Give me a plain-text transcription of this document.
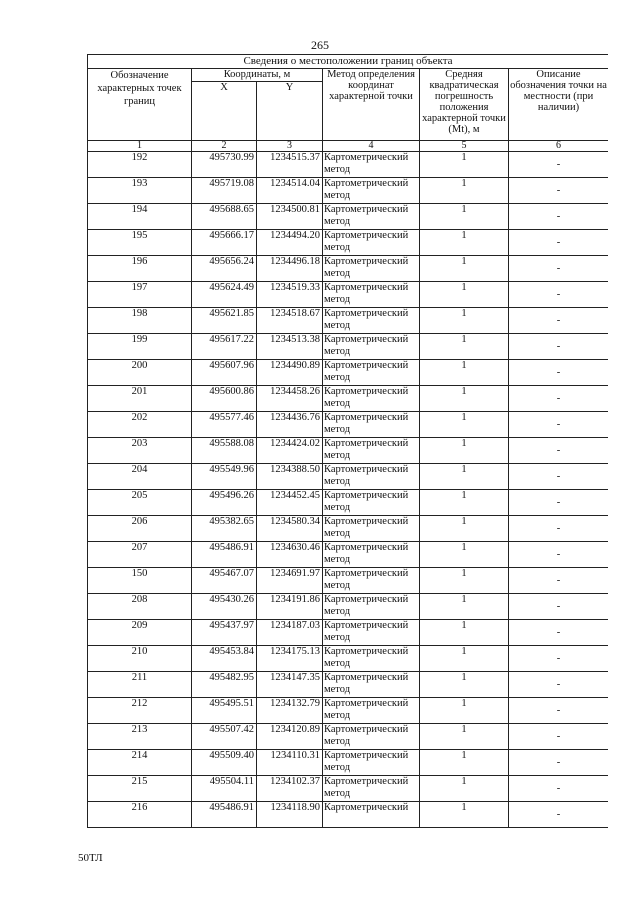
265
Сведения о местоположении границ объекта					
Обозначение характерных точек границ	Координаты, м		Метод определения координат характерной точки	Средняя квадратическая погрешность положения характерной точки (Mt), м	Описание обозначения точки на местности (при наличии)
	X	Y			
1	2	3	4	5	6
192	495730.99	1234515.37	Картометрический метод	1	-
193	495719.08	1234514.04	Картометрический метод	1	-
194	495688.65	1234500.81	Картометрический метод	1	-
195	495666.17	1234494.20	Картометрический метод	1	-
196	495656.24	1234496.18	Картометрический метод	1	-
197	495624.49	1234519.33	Картометрический метод	1	-
198	495621.85	1234518.67	Картометрический метод	1	-
199	495617.22	1234513.38	Картометрический метод	1	-
200	495607.96	1234490.89	Картометрический метод	1	-
201	495600.86	1234458.26	Картометрический метод	1	-
202	495577.46	1234436.76	Картометрический метод	1	-
203	495588.08	1234424.02	Картометрический метод	1	-
204	495549.96	1234388.50	Картометрический метод	1	-
205	495496.26	1234452.45	Картометрический метод	1	-
206	495382.65	1234580.34	Картометрический метод	1	-
207	495486.91	1234630.46	Картометрический метод	1	-
150	495467.07	1234691.97	Картометрический метод	1	-
208	495430.26	1234191.86	Картометрический метод	1	-
209	495437.97	1234187.03	Картометрический метод	1	-
210	495453.84	1234175.13	Картометрический метод	1	-
211	495482.95	1234147.35	Картометрический метод	1	-
212	495495.51	1234132.79	Картометрический метод	1	-
213	495507.42	1234120.89	Картометрический метод	1	-
214	495509.40	1234110.31	Картометрический метод	1	-
215	495504.11	1234102.37	Картометрический метод	1	-
216	495486.91	1234118.90	Картометрический	1	-
50ТЛ
